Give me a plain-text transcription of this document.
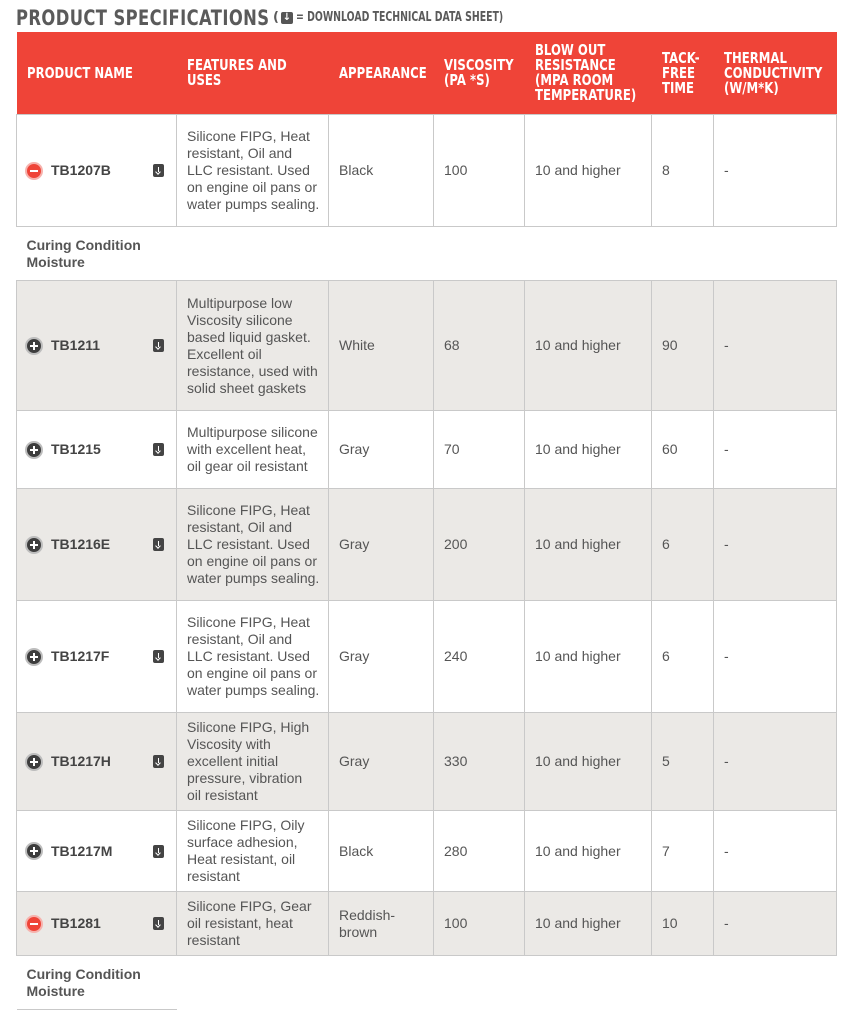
PRODUCT SPECIFICATIONS ( ↓ = DOWNLOAD TECHNICAL DATA SHEET)
PRODUCT NAME	FEATURES AND USES	APPEARANCE	VISCOSITY (PA *S)	BLOW OUT RESISTANCE (MPA ROOM TEMPERATURE)	TACK-FREE TIME	THERMAL CONDUCTIVITY (W/M*K)

TB1207B	Silicone FIPG, Heat resistant, Oil and LLC resistant. Used on engine oil pans or water pumps sealing.	Black	100	10 and higher	8	-
Curing Condition Moisture						

TB1211	Multipurpose low Viscosity silicone based liquid gasket. Excellent oil resistance, used with solid sheet gaskets	White	68	10 and higher	90	-

TB1215	Multipurpose silicone with excellent heat, oil gear oil resistant	Gray	70	10 and higher	60	-

TB1216E	Silicone FIPG, Heat resistant, Oil and LLC resistant. Used on engine oil pans or water pumps sealing.	Gray	200	10 and higher	6	-

TB1217F	Silicone FIPG, Heat resistant, Oil and LLC resistant. Used on engine oil pans or water pumps sealing.	Gray	240	10 and higher	6	-

TB1217H	Silicone FIPG, High Viscosity with excellent initial pressure, vibration oil resistant	Gray	330	10 and higher	5	-

TB1217M	Silicone FIPG, Oily surface adhesion, Heat resistant, oil resistant	Black	280	10 and higher	7	-

TB1281	Silicone FIPG, Gear oil resistant, heat resistant	Reddish-brown	100	10 and higher	10	-
Curing Condition Moisture						
